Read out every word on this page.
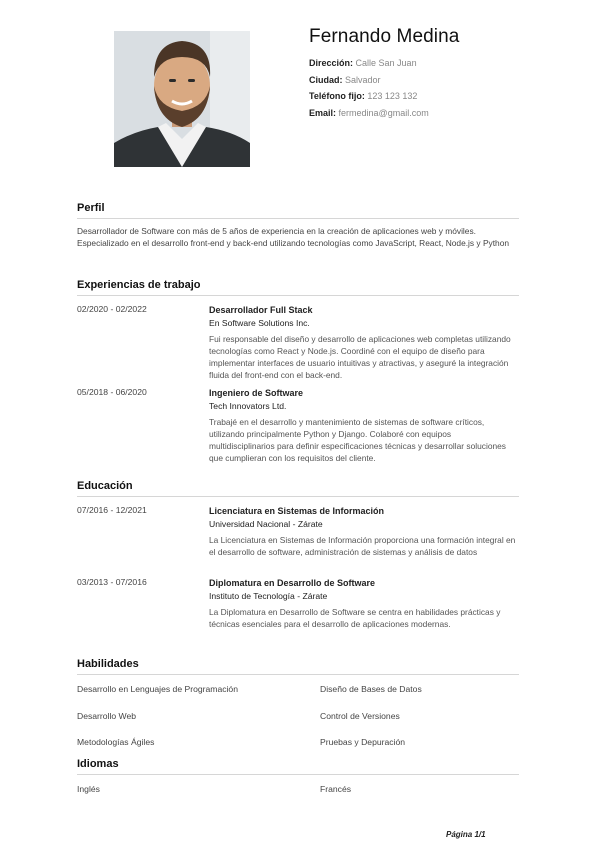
Fernando Medina
Dirección: Calle San Juan
Ciudad: Salvador
Teléfono fijo: 123 123 132
Email: fermedina@gmail.com
Perfil
Desarrollador de Software con más de 5 años de experiencia en la creación de aplicaciones web y móviles. Especializado en el desarrollo front-end y back-end utilizando tecnologías como JavaScript, React, Node.js y Python
Experiencias de trabajo
02/2020 - 02/2022	Desarrollador Full Stack
En Software Solutions Inc.
Fui responsable del diseño y desarrollo de aplicaciones web completas utilizando tecnologías como React y Node.js. Coordiné con el equipo de diseño para implementar interfaces de usuario intuitivas y atractivas, y aseguré la integración fluida del front-end con el back-end.
05/2018 - 06/2020	Ingeniero de Software
Tech Innovators Ltd.
Trabajé en el desarrollo y mantenimiento de sistemas de software críticos, utilizando principalmente Python y Django. Colaboré con equipos multidisciplinarios para definir especificaciones técnicas y desarrollar soluciones que cumplieran con los requisitos del cliente.
Educación
07/2016 - 12/2021	Licenciatura en Sistemas de Información
Universidad Nacional - Zárate
La Licenciatura en Sistemas de Información proporciona una formación integral en el desarrollo de software, administración de sistemas y análisis de datos
03/2013 - 07/2016	Diplomatura en Desarrollo de Software
Instituto de Tecnología - Zárate
La Diplomatura en Desarrollo de Software se centra en habilidades prácticas y técnicas esenciales para el desarrollo de aplicaciones modernas.
Habilidades
Desarrollo en Lenguajes de Programación	Diseño de Bases de Datos
Desarrollo Web	Control de Versiones
Metodologías Ágiles	Pruebas y Depuración
Idiomas
Inglés	Francés
Página 1/1
